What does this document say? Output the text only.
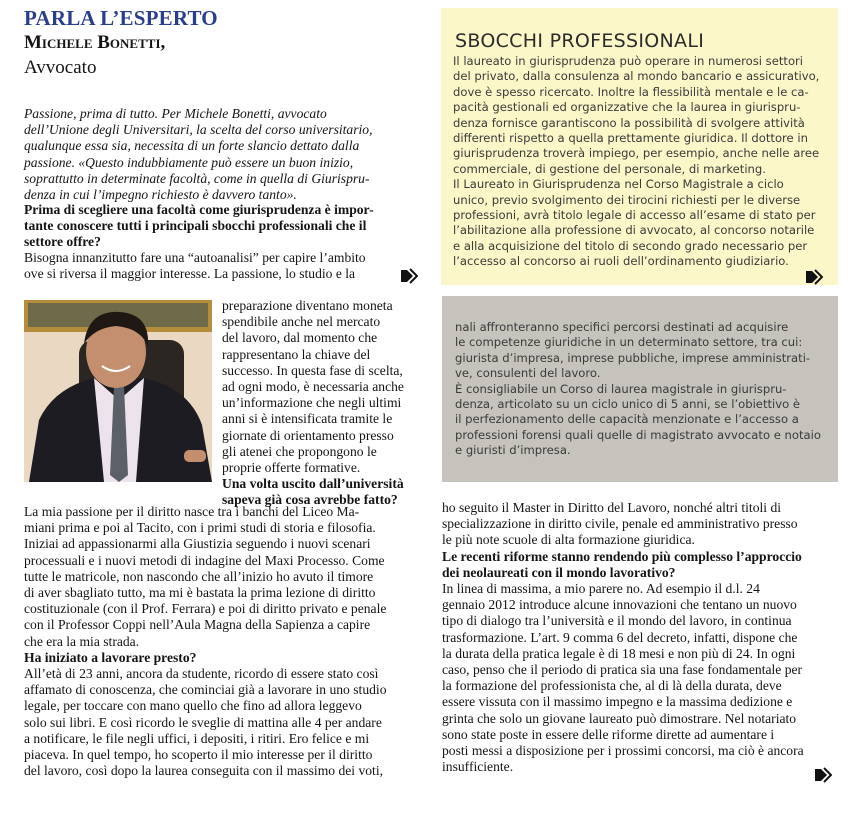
PARLA L’ESPERTO
Michele Bonetti,
Avvocato
Passione, prima di tutto. Per Michele Bonetti, avvocato
dell’Unione degli Universitari, la scelta del corso universitario,
qualunque essa sia, necessita di un forte slancio dettato dalla
passione. «Questo indubbiamente può essere un buon inizio,
soprattutto in determinate facoltà, come in quella di Giurispru-
denza in cui l’impegno richiesto è davvero tanto».
Prima di scegliere una facoltà come giurisprudenza è impor-
tante conoscere tutti i principali sbocchi professionali che il
settore offre?
Bisogna innanzitutto fare una “autoanalisi” per capire l’ambito
ove si riversa il maggior interesse. La passione, lo studio e la
preparazione diventano moneta
spendibile anche nel mercato
del lavoro, dal momento che
rappresentano la chiave del
successo. In questa fase di scelta,
ad ogni modo, è necessaria anche
un’informazione che negli ultimi
anni si è intensificata tramite le
giornate di orientamento presso
gli atenei che propongono le
proprie offerte formative.
Una volta uscito dall’università
sapeva già cosa avrebbe fatto?
La mia passione per il diritto nasce tra i banchi del Liceo Ma-
miani prima e poi al Tacito, con i primi studi di storia e filosofia.
Iniziai ad appassionarmi alla Giustizia seguendo i nuovi scenari
processuali e i nuovi metodi di indagine del Maxi Processo. Come
tutte le matricole, non nascondo che all’inizio ho avuto il timore
di aver sbagliato tutto, ma mi è bastata la prima lezione di diritto
costituzionale (con il Prof. Ferrara) e poi di diritto privato e penale
con il Professor Coppi nell’Aula Magna della Sapienza a capire
che era la mia strada.
Ha iniziato a lavorare presto?
All’età di 23 anni, ancora da studente, ricordo di essere stato così
affamato di conoscenza, che cominciai già a lavorare in uno studio
legale, per toccare con mano quello che fino ad allora leggevo
solo sui libri. E così ricordo le sveglie di mattina alle 4 per andare
a notificare, le file negli uffici, i depositi, i ritiri. Ero felice e mi
piaceva. In quel tempo, ho scoperto il mio interesse per il diritto
del lavoro, così dopo la laurea conseguita con il massimo dei voti,
SBOCCHI PROFESSIONALI
Il laureato in giurisprudenza può operare in numerosi settori
del privato, dalla consulenza al mondo bancario e assicurativo,
dove è spesso ricercato. Inoltre la flessibilità mentale e le ca-
pacità gestionali ed organizzative che la laurea in giurispru-
denza fornisce garantiscono la possibilità di svolgere attività
differenti rispetto a quella prettamente giuridica. Il dottore in
giurisprudenza troverà impiego, per esempio, anche nelle aree
commerciale, di gestione del personale, di marketing.
Il Laureato in Giurisprudenza nel Corso Magistrale a ciclo
unico, previo svolgimento dei tirocini richiesti per le diverse
professioni, avrà titolo legale di accesso all’esame di stato per
l’abilitazione alla professione di avvocato, al concorso notarile
e alla acquisizione del titolo di secondo grado necessario per
l’accesso al concorso ai ruoli dell’ordinamento giudiziario.
nali affronteranno specifici percorsi destinati ad acquisire
le competenze giuridiche in un determinato settore, tra cui:
giurista d’impresa, imprese pubbliche, imprese amministrati-
ve, consulenti del lavoro.
È consigliabile un Corso di laurea magistrale in giurispru-
denza, articolato su un ciclo unico di 5 anni, se l’obiettivo è
il perfezionamento delle capacità menzionate e l’accesso a
professioni forensi quali quelle di magistrato avvocato e notaio
e giuristi d’impresa.
ho seguito il Master in Diritto del Lavoro, nonché altri titoli di
specializzazione in diritto civile, penale ed amministrativo presso
le più note scuole di alta formazione giuridica.
Le recenti riforme stanno rendendo più complesso l’approccio
dei neolaureati con il mondo lavorativo?
In linea di massima, a mio parere no. Ad esempio il d.l. 24
gennaio 2012 introduce alcune innovazioni che tentano un nuovo
tipo di dialogo tra l’università e il mondo del lavoro, in continua
trasformazione. L’art. 9 comma 6 del decreto, infatti, dispone che
la durata della pratica legale è di 18 mesi e non più di 24. In ogni
caso, penso che il periodo di pratica sia una fase fondamentale per
la formazione del professionista che, al di là della durata, deve
essere vissuta con il massimo impegno e la massima dedizione e
grinta che solo un giovane laureato può dimostrare. Nel notariato
sono state poste in essere delle riforme dirette ad aumentare i
posti messi a disposizione per i prossimi concorsi, ma ciò è ancora
insufficiente.
